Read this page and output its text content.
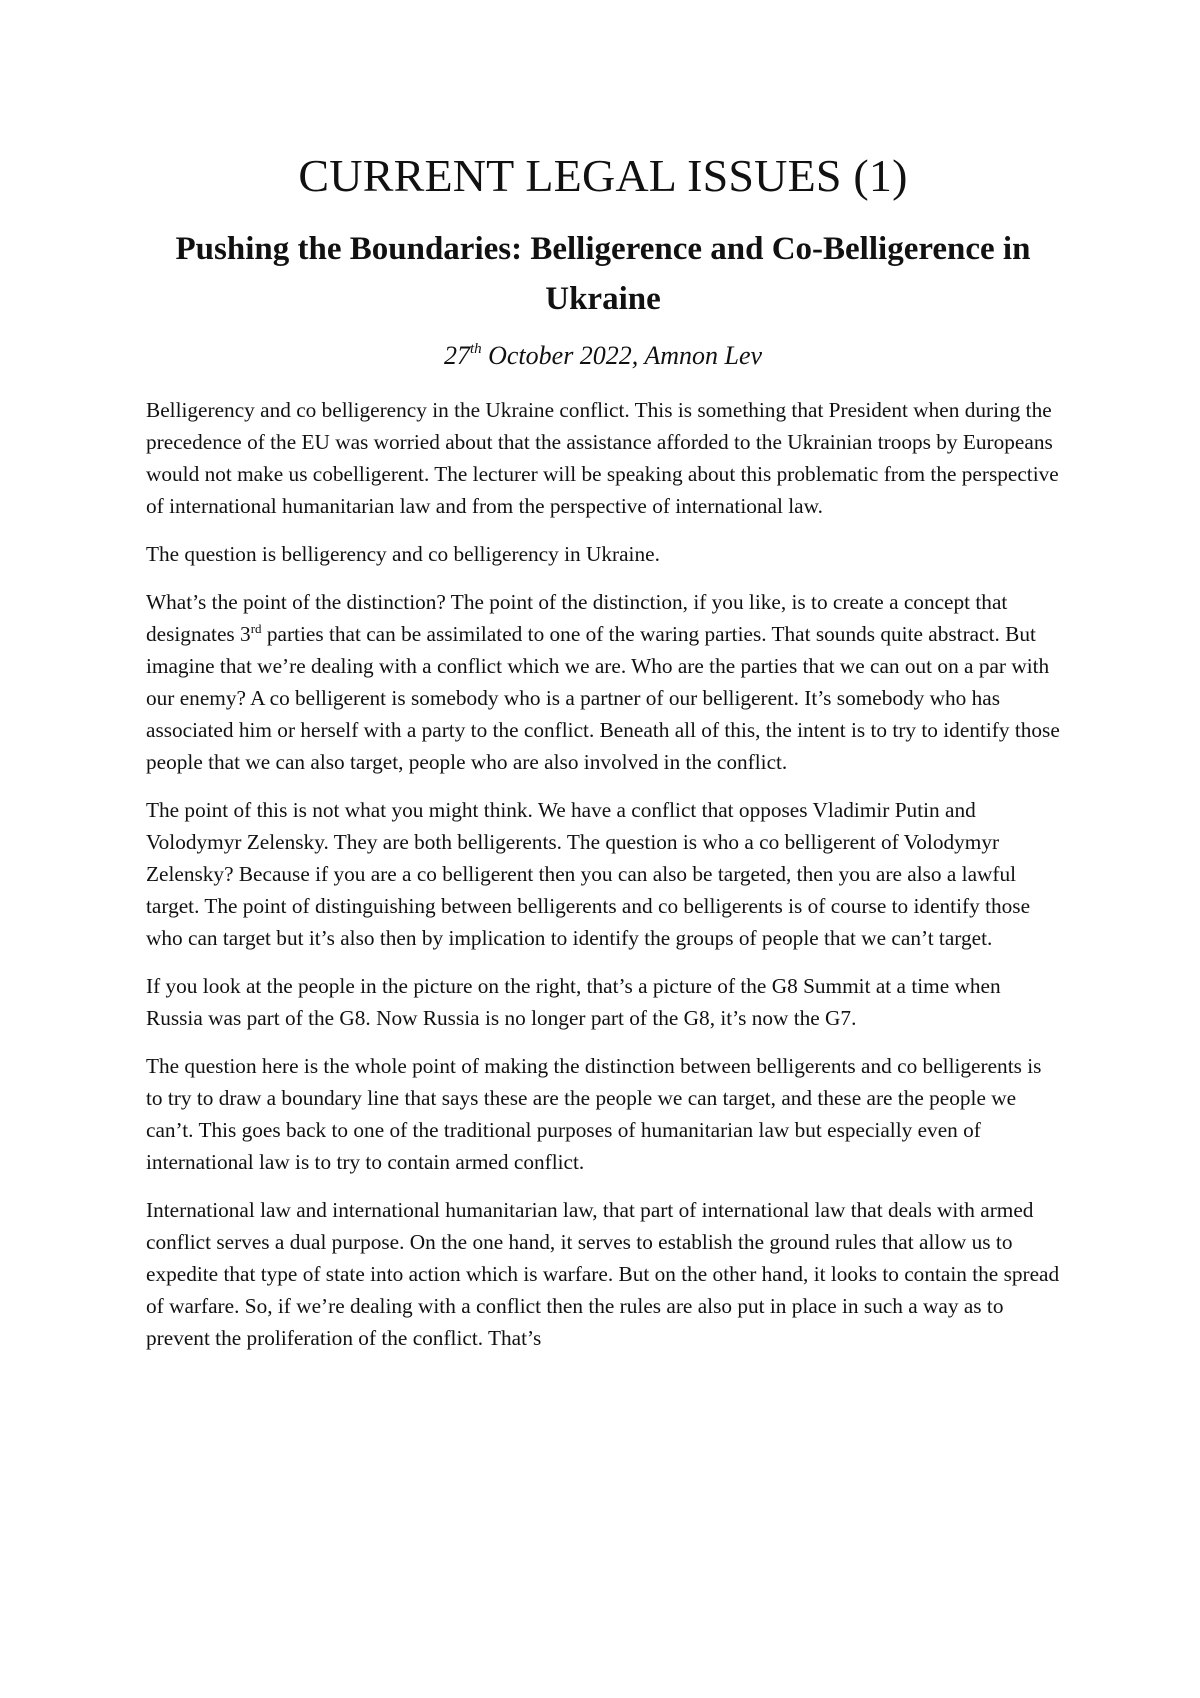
CURRENT LEGAL ISSUES (1)
Pushing the Boundaries: Belligerence and Co-Belligerence in Ukraine

27th October 2022, Amnon Lev

Belligerency and co belligerency in the Ukraine conflict. This is something that President when during the precedence of the EU was worried about that the assistance afforded to the Ukrainian troops by Europeans would not make us cobelligerent. The lecturer will be speaking about this problematic from the perspective of international humanitarian law and from the perspective of international law.

The question is belligerency and co belligerency in Ukraine.

What’s the point of the distinction? The point of the distinction, if you like, is to create a concept that designates 3rd parties that can be assimilated to one of the waring parties. That sounds quite abstract. But imagine that we’re dealing with a conflict which we are. Who are the parties that we can out on a par with our enemy? A co belligerent is somebody who is a partner of our belligerent. It’s somebody who has associated him or herself with a party to the conflict. Beneath all of this, the intent is to try to identify those people that we can also target, people who are also involved in the conflict.

The point of this is not what you might think. We have a conflict that opposes Vladimir Putin and Volodymyr Zelensky. They are both belligerents. The question is who a co belligerent of Volodymyr Zelensky? Because if you are a co belligerent then you can also be targeted, then you are also a lawful target. The point of distinguishing between belligerents and co belligerents is of course to identify those who can target but it’s also then by implication to identify the groups of people that we can’t target.

If you look at the people in the picture on the right, that’s a picture of the G8 Summit at a time when Russia was part of the G8. Now Russia is no longer part of the G8, it’s now the G7.

The question here is the whole point of making the distinction between belligerents and co belligerents is to try to draw a boundary line that says these are the people we can target, and these are the people we can’t. This goes back to one of the traditional purposes of humanitarian law but especially even of international law is to try to contain armed conflict.

International law and international humanitarian law, that part of international law that deals with armed conflict serves a dual purpose. On the one hand, it serves to establish the ground rules that allow us to expedite that type of state into action which is warfare. But on the other hand, it looks to contain the spread of warfare. So, if we’re dealing with a conflict then the rules are also put in place in such a way as to prevent the proliferation of the conflict. That’s
